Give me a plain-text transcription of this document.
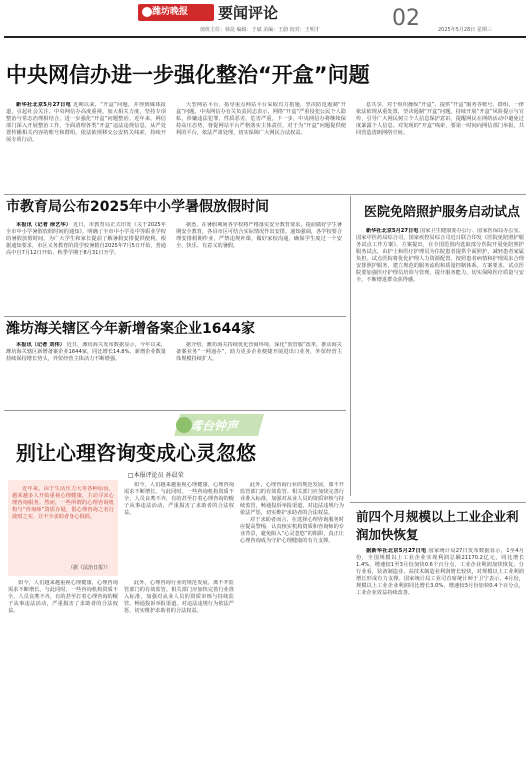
潍坊晚报	要闻评论	02
值班主任：韩昆 编辑：于斌 美编：王蔚 校对：王明才	2025年5月28日 星期三
中央网信办进一步强化整治“开盒”问题

新华社北京5月27日电 近期以来，“开盒”问题，并得到媒体报道，引起社会关注。中央网信办高度重视，加大相关力度，坚持专项整治与常态治理相结合，进一步强化“开盒”问题整治。近年来，网信部门深入开展整治工作，全面清理各类“开盒”违法违规信息，从严处置传播相关内容的账号和群组，依法依规移交公安机关线索，持续开展专项行动。

大型网站平台，指导重点网站平台采取有力措施，坚决防范遏制“开盒”问题。中央网信办有关负责同志表示，网络“开盒”严重侵犯公民个人隐私，涉嫌违法犯罪，性质恶劣，危害严重。下一步，中央网信办将继续保持高压态势，督促网站平台严格落实主体责任，对于为“开盒”问题提供便利的平台，依法严肃处理，切实保障广大网民合法权益。

息共享，对于组织操纵“开盒”、提供“开盒”服务等账号、群组，一律依法依规从重处置，坚决遏制“开盒”问题。持续开展“开盒”风险提示与宣传，引导广大网民树立个人信息保护意识，提醒网民在网络活动中避免过度暴露个人信息。对发现的“开盒”线索，要第一时间向网信部门举报，共同营造清朗网络空间。

市教育局公布2025年中小学暑假放假时间

本报讯（记者 徐艺华） 近日，市教育局正式印发《关于2025年全市中小学暑假放假时间的通知》，明确了全市中小学及中等职业学校的暑假放假时间。为广大学生和家长提前了解暑假安排提供便利。根据通知要求，市区义务教育阶段学校暑假自2025年7月5日开始，普通高中自7月12日开始，秋季学期于8月31日开学。

据悉，在暑假期间各学校将严格落实安全教育要求，提前做好学生暑期安全教育，各县市区可结合实际情况作出安排。通知强调，各学校要合理安排假期作业，严禁违规补课，做好家校沟通，确保学生度过一个安全、快乐、有意义的暑假。

医院免陪照护服务启动试点

新华社北京5月27日电 国家卫生健康委办公厅、国家医保局办公室、国家中医药局综合司、国家疾控局综合司近日联合印发《医院免陪照护服务试点工作方案》，方案提出，在全国范围内选取部分医院开展免陪照护服务试点，由护士和医疗护理员为住院患者提供全面照护，减轻患者家属负担。试点医院将优化护理人力资源配置，按照患者病情和护理需求合理安排照护服务，建立规范的服务流程和质量控制体系。方案要求，试点医院要加强医疗护理员培训与管理，提升服务能力，切实保障医疗质量与安全，不断增进群众获得感。

潍坊海关辖区今年新增备案企业1644家

本报讯（记者 刘伟） 近日，潍坊海关发布数据显示，今年以来，潍坊海关辖区新增备案企业1644家，同比增长14.8%，新增企业数量持续保持增长势头，外贸经营主体活力不断增强。

据介绍，潍坊海关持续优化营商环境，深化“放管服”改革，推动海关备案业务“一网通办”，助力更多企业便捷开展进出口业务，外贸经营主体规模持续扩大。

鸢台钟声
别让心理咨询变成心灵忽悠
□本报评论员 孙晨荣

近年来，由于生活压力大等各种原因，越来越多人开始重视心理健康，主动寻求心理咨询服务。然而，一些所谓的心理咨询机构与“咨询师”资质存疑，借心理咨询之名行敛财之实，让不少求助者身心俱损。

（据《法治日报》）

如今，人们越来越重视心理健康，心理咨询需求不断增长。与此同时，一些咨询机构资质不全、人员良莠不齐，有的甚至打着心理咨询的幌子从事违法活动，严重损害了求助者的合法权益。

此外，心理咨询行业的规范发展，离不开监管部门的有效监管。相关部门应加快完善行业准入标准，加强对从业人员的资质审核与持续监管，畅通投诉举报渠道，对违法违规行为依法严惩，切实维护求助者的合法权益。

对于求助者而言，在选择心理咨询服务时应提高警惕，认真核实机构资质和咨询师的专业背景，避免陷入“心灵忽悠”的陷阱，真正让心理咨询成为守护心理健康的有力支撑。

如今，人们越来越重视心理健康，心理咨询需求不断增长。与此同时，一些咨询机构资质不全、人员良莠不齐，有的甚至打着心理咨询的幌子从事违法活动，严重损害了求助者的合法权益。

此外，心理咨询行业的规范发展，离不开监管部门的有效监管。相关部门应加快完善行业准入标准，加强对从业人员的资质审核与持续监管，畅通投诉举报渠道，对违法违规行为依法严惩，切实维护求助者的合法权益。

前四个月规模以上工业企业利润加快恢复

据新华社北京5月27日电 国家统计局27日发布数据显示，1至4月份，全国规模以上工业企业实现利润总额21170.2亿元，同比增长1.4%，增速较1至3月份加快0.6个百分点，工业企业利润加快恢复。分行业看，装备制造业、高技术制造业利润增长较快，对规模以上工业利润增长形成有力支撑。国家统计局工业司首席统计师于卫宁表示，4月份，规模以上工业企业利润同比增长3.0%，增速较3月份加快0.4个百分点，工业企业效益持续改善。
